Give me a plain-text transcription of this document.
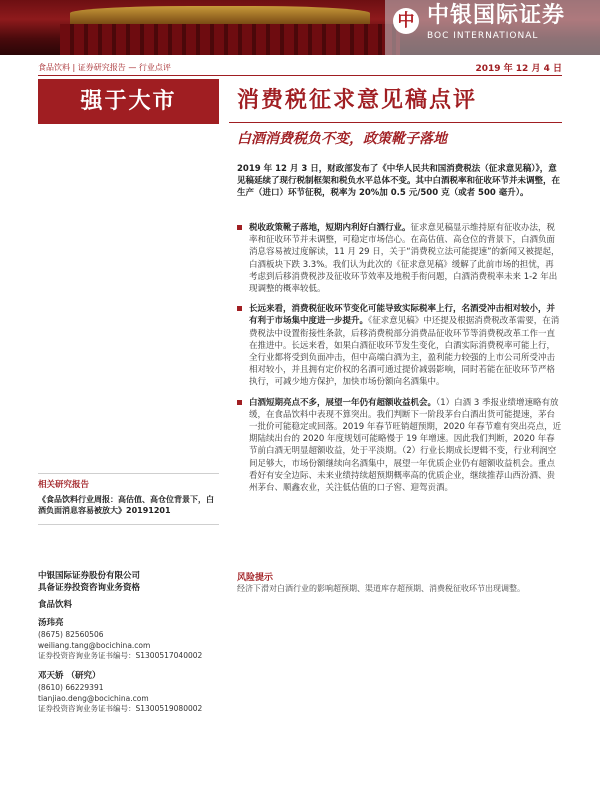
中 中银国际证券
BOC INTERNATIONAL
食品饮料 | 证券研究报告 — 行业点评	2019 年 12 月 4 日
强于大市	消费税征求意见稿点评
白酒消费税负不变，政策靴子落地
2019 年 12 月 3 日，财政部发布了《中华人民共和国消费税法（征求意见稿）》，意见稿延续了现行税制框架和税负水平总体不变。其中白酒税率和征收环节并未调整，在生产（进口）环节征税，税率为 20%加 0.5 元/500 克（或者 500 毫升）。
税收政策靴子落地，短期内利好白酒行业。征求意见稿显示维持原有征收办法，税率和征收环节并未调整，可稳定市场信心。在高估值、高仓位的背景下，白酒负面消息容易被过度解读，11 月 29 日，关于“消费税立法可能提速”的新闻又被提起，白酒板块下跌 3.3%。我们认为此次的《征求意见稿》缓解了此前市场的担忧，再考虑到后移消费税涉及征收环节效率及地税手衔问题，白酒消费税率未来 1-2 年出现调整的概率较低。
长远来看，消费税征收环节变化可能导致实际税率上行，名酒受冲击相对较小，并有利于市场集中度进一步提升。《征求意见稿》中还提及根据消费税改革需要，在消费税法中设置衔接性条款，后移消费税部分消费品征收环节等消费税改革工作一直在推进中。长远来看，如果白酒征收环节发生变化，白酒实际消费税率可能上行，全行业都将受到负面冲击，但中高端白酒为主，盈利能力较强的上市公司所受冲击相对较小，并且拥有定价权的名酒可通过提价减弱影响，同时若能在征收环节严格执行，可减少地方保护，加快市场份额向名酒集中。
白酒短期亮点不多，展望一年仍有超额收益机会。（1）白酒 3 季报业绩增速略有放缓，在食品饮料中表现不算突出。我们判断下一阶段茅台白酒出货可能提速，茅台一批价可能稳定或回落。2019 年春节旺销超预期，2020 年春节难有突出亮点，近期陆续出台的 2020 年度规划可能略慢于 19 年增速。因此我们判断，2020 年春节前白酒无明显超额收益，处于平淡期。（2）行业长期成长逻辑不变，行业利润空间足够大，市场份额继续向名酒集中，展望一年优质企业仍有超额收益机会。重点看好有安全边际、未来业绩持续超预期概率高的优质企业，继续推荐山西汾酒、贵州茅台、顺鑫农业，关注低估值的口子窖、迎驾贡酒。
风险提示
经济下滑对白酒行业的影响超预期、渠道库存超预期、消费税征收环节出现调整。
相关研究报告
《食品饮料行业周报：高估值、高仓位背景下，白酒负面消息容易被放大》20191201
中银国际证券股份有限公司
具备证券投资咨询业务资格
食品饮料
汤玮亮
(8675) 82560506
weiliang.tang@bocichina.com
证券投资咨询业务证书编号：S1300517040002
邓天娇 （研究）
(8610) 66229391
tianjiao.deng@bocichina.com
证券投资咨询业务证书编号：S1300519080002
